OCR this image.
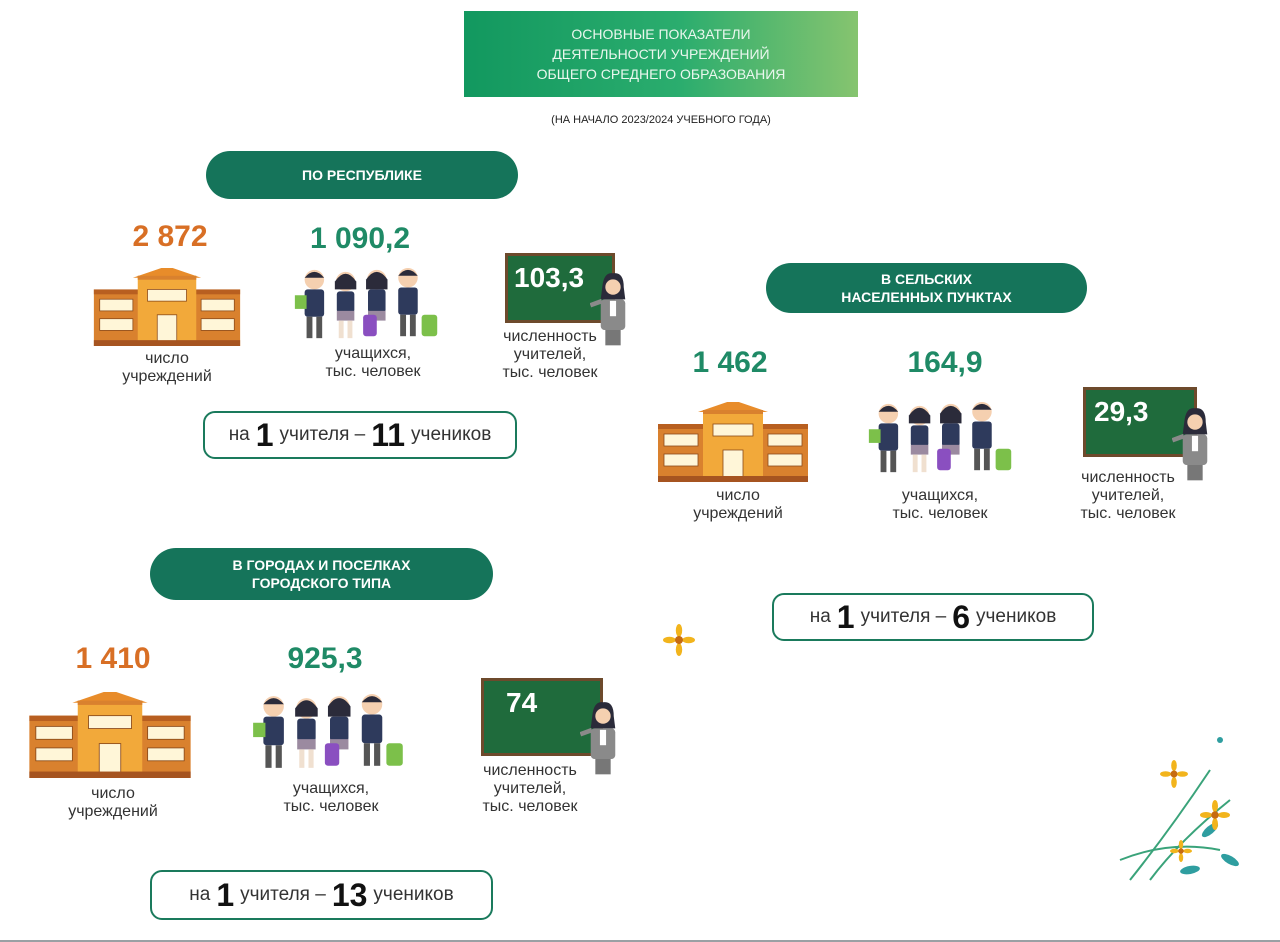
ОСНОВНЫЕ ПОКАЗАТЕЛИ
ДЕЯТЕЛЬНОСТИ УЧРЕЖДЕНИЙ
ОБЩЕГО СРЕДНЕГО ОБРАЗОВАНИЯ
(НА НАЧАЛО 2023/2024 УЧЕБНОГО ГОДА)
ПО РЕСПУБЛИКЕ
2 872
число
учреждений
1 090,2
учащихся,
тыс. человек
103,3
численность
учителей,
тыс. человек
на 1 учителя – 11 учеников
В СЕЛЬСКИХ
НАСЕЛЕННЫХ ПУНКТАХ
1 462
число
учреждений
164,9
учащихся,
тыс. человек
29,3
численность
учителей,
тыс. человек
на 1 учителя – 6 учеников
В ГОРОДАХ И ПОСЕЛКАХ
ГОРОДСКОГО ТИПА
1 410
число
учреждений
925,3
учащихся,
тыс. человек
74
численность
учителей,
тыс. человек
на 1 учителя – 13 учеников
